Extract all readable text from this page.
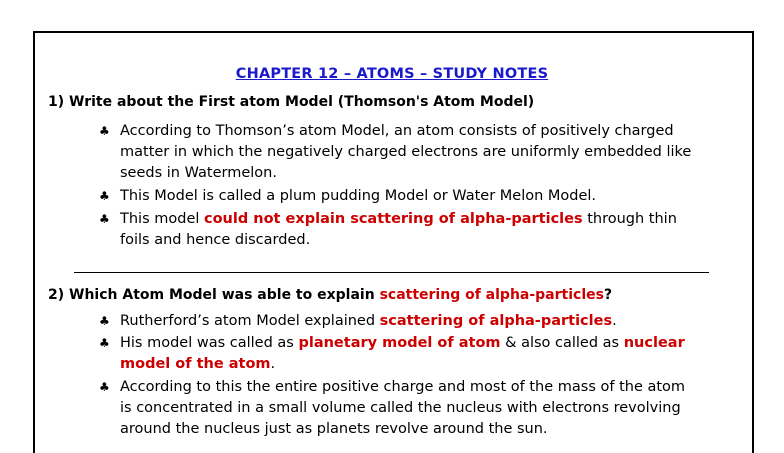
CHAPTER 12 – ATOMS – STUDY NOTES
1) Write about the First atom Model (Thomson's Atom Model)
♣ According to Thomson’s atom Model, an atom consists of positively charged matter in which the negatively charged electrons are uniformly embedded like seeds in Watermelon.
♣ This Model is called a plum pudding Model or Water Melon Model.
♣ This model could not explain scattering of alpha-particles through thin foils and hence discarded.
2) Which Atom Model was able to explain scattering of alpha-particles?
♣ Rutherford’s atom Model explained scattering of alpha-particles.
♣ His model was called as planetary model of atom & also called as nuclear model of the atom.
♣ According to this the entire positive charge and most of the mass of the atom is concentrated in a small volume called the nucleus with electrons revolving around the nucleus just as planets revolve around the sun.
